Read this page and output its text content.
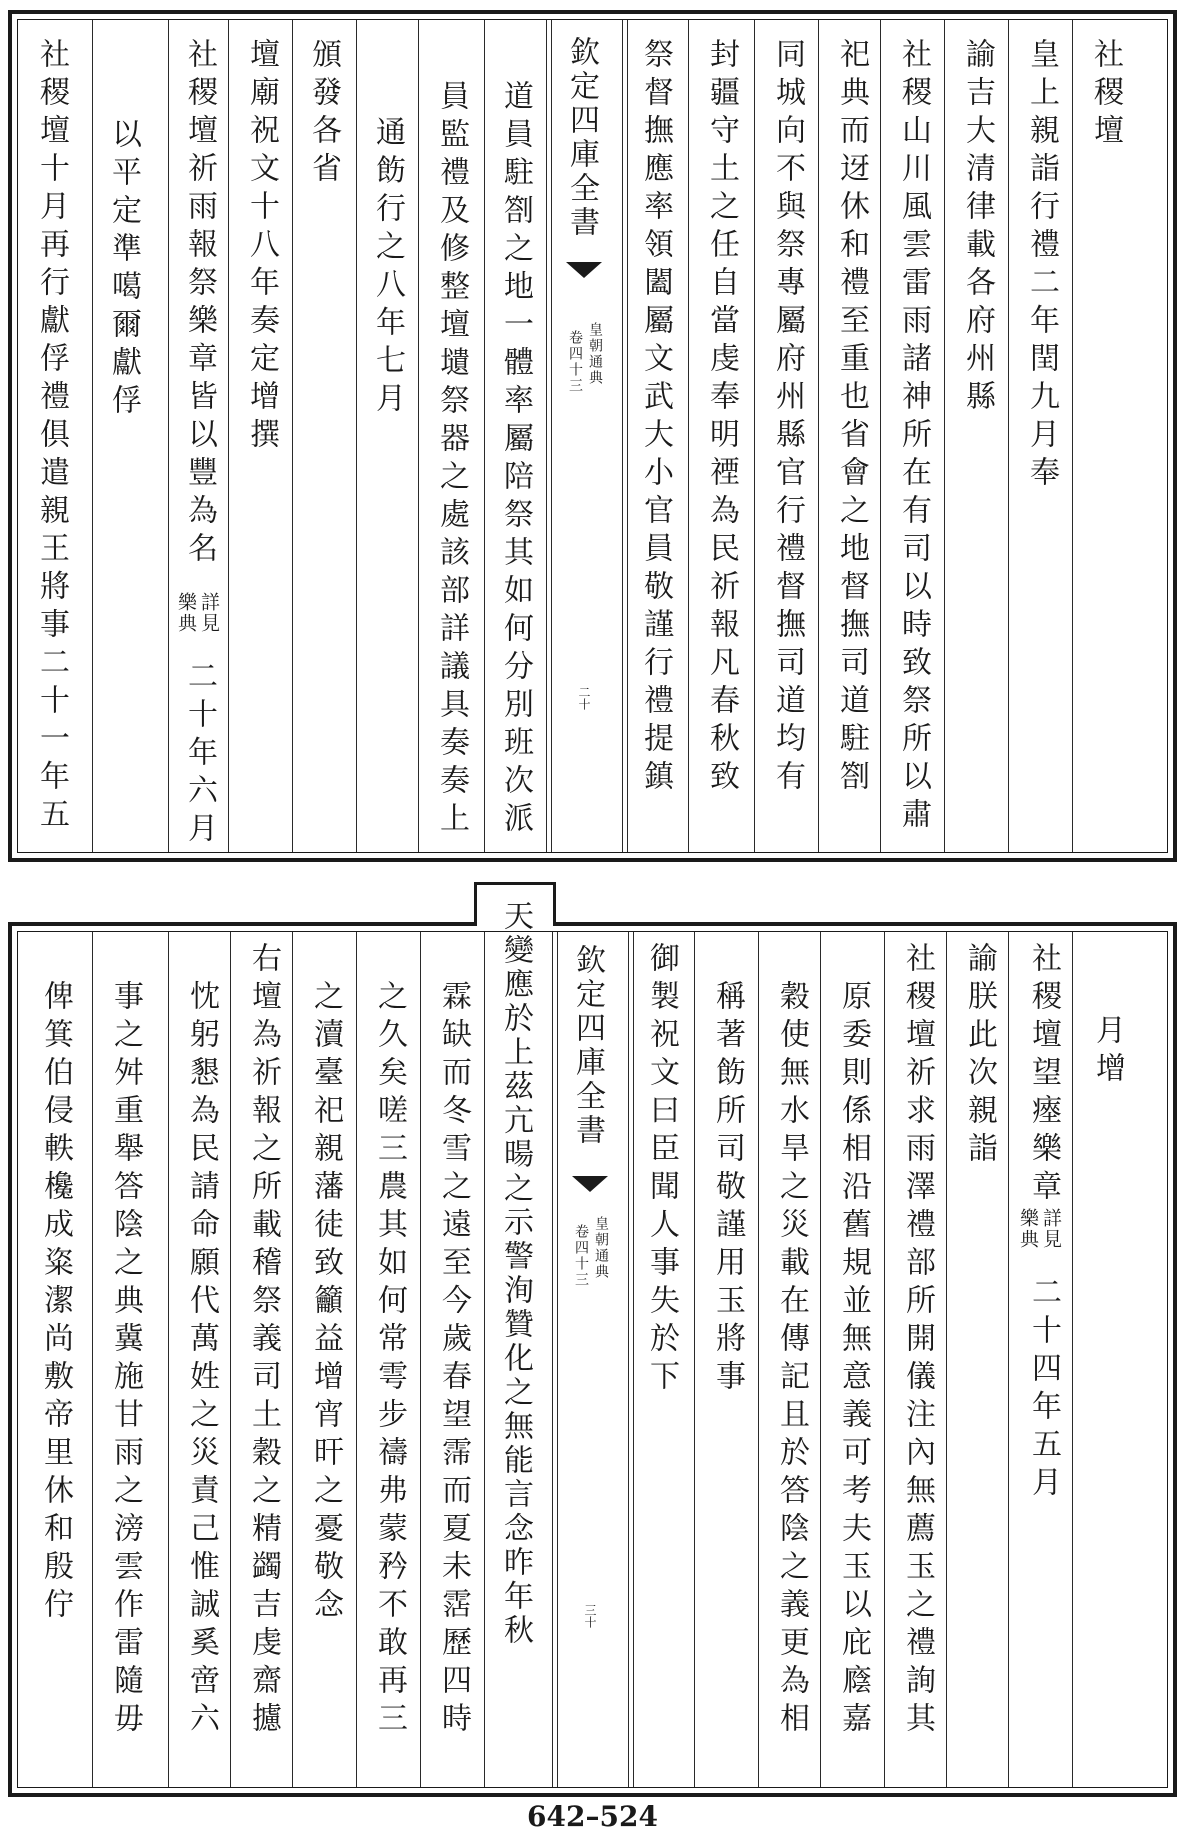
欽定四庫全書
皇朝通典
卷四十三
二十
社稷壇
皇上親詣行禮二年閏九月奉
諭吉大清律載各府州縣
社稷山川風雲雷雨諸神所在有司以時致祭所以肅
祀典而迓休和禮至重也省會之地督撫司道駐劄
同城向不與祭專屬府州縣官行禮督撫司道均有
封疆守土之任自當虔奉明禋為民祈報凡春秋致
祭督撫應率領闔屬文武大小官員敬謹行禮提鎮
道員駐劄之地一體率屬陪祭其如何分別班次派
員監禮及修整壇壝祭器之處該部詳議具奏奏上
通飭行之八年七月
頒發各省
壇廟祝文十八年奏定增撰
社稷壇祈雨報祭樂章皆以豐為名
詳見
樂典
二十年六月
以平定準噶爾獻俘
社稷壇十月再行獻俘禮俱遣親王將事二十一年五
欽定四庫全書
皇朝通典
卷四十三
三十
月增
社稷壇望瘞樂章
詳見
樂典
二十四年五月
諭朕此次親詣
社稷壇祈求雨澤禮部所開儀注內無薦玉之禮詢其
原委則係相沿舊規並無意義可考夫玉以庇廕嘉
穀使無水旱之災載在傳記且於答陰之義更為相
稱著飭所司敬謹用玉將事
御製祝文曰臣聞人事失於下
天變應於上茲亢暘之示警洵贊化之無能言念昨年秋
霖缺而冬雪之遠至今歲春望霈而夏未霑歷四時
之久矣嗟三農其如何常雩步禱弗蒙矜不敢再三
之瀆臺祀親藩徒致籲益增宵旰之憂敬念
右壇為祈報之所載稽祭義司土穀之精蠲吉虔齋攄
忱躬懇為民請命願代萬姓之災責己惟誠奚啻六
事之舛重舉答陰之典冀施甘雨之滂雲作雷隨毋
俾箕伯侵軼欃成粢潔尚敷帝里休和殷佇
642–524
